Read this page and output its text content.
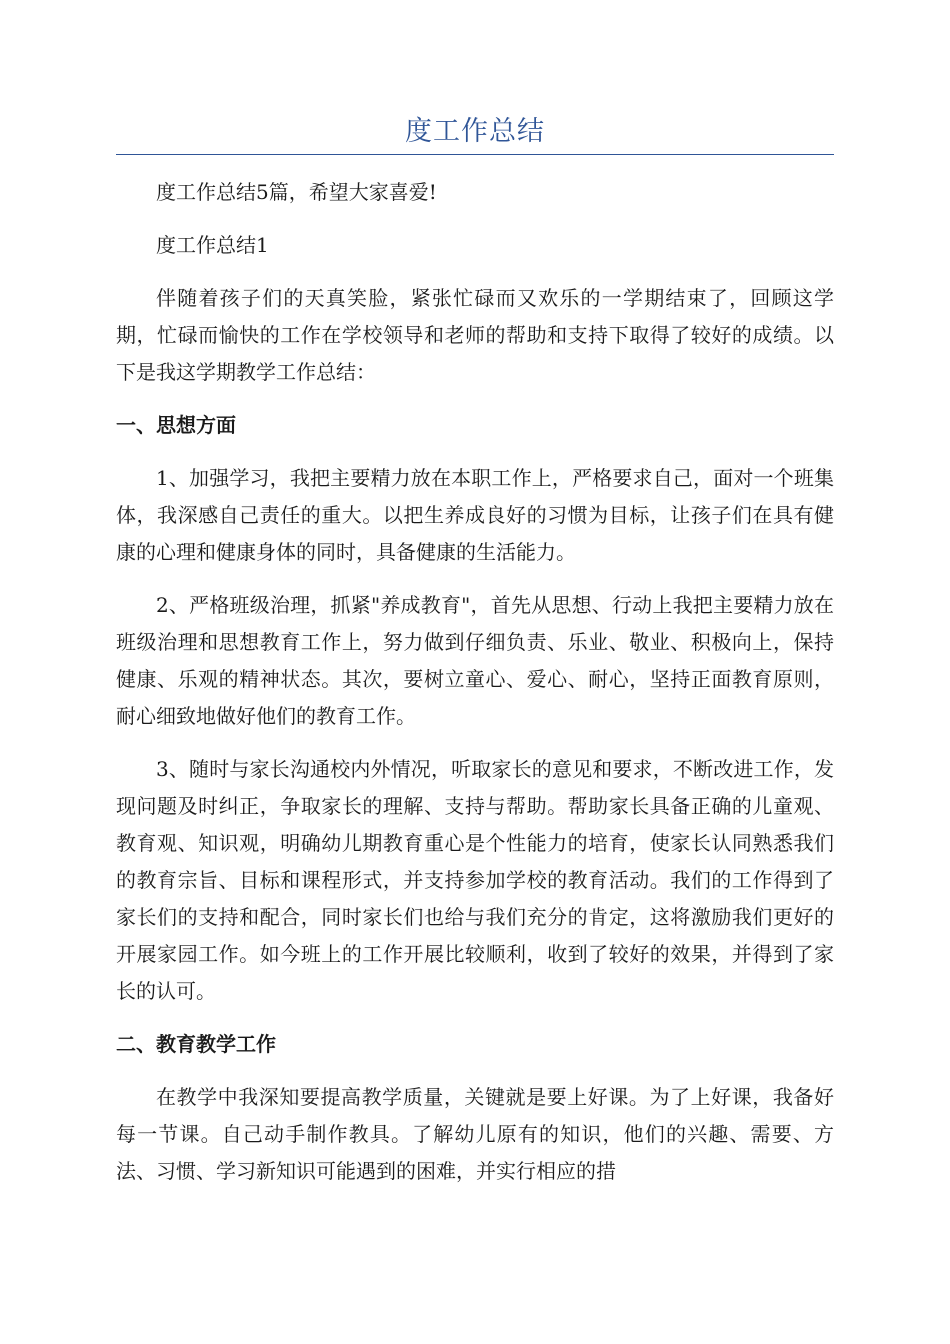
度工作总结

度工作总结5篇，希望大家喜爱!

度工作总结1

伴随着孩子们的天真笑脸，紧张忙碌而又欢乐的一学期结束了，回顾这学期，忙碌而愉快的工作在学校领导和老师的帮助和支持下取得了较好的成绩。以下是我这学期教学工作总结：

一、思想方面

1、加强学习，我把主要精力放在本职工作上，严格要求自己，面对一个班集体，我深感自己责任的重大。以把生养成良好的习惯为目标，让孩子们在具有健康的心理和健康身体的同时，具备健康的生活能力。

2、严格班级治理，抓紧"养成教育"，首先从思想、行动上我把主要精力放在班级治理和思想教育工作上，努力做到仔细负责、乐业、敬业、积极向上，保持健康、乐观的精神状态。其次，要树立童心、爱心、耐心，坚持正面教育原则，耐心细致地做好他们的教育工作。

3、随时与家长沟通校内外情况，听取家长的意见和要求，不断改进工作，发现问题及时纠正，争取家长的理解、支持与帮助。帮助家长具备正确的儿童观、教育观、知识观，明确幼儿期教育重心是个性能力的培育，使家长认同熟悉我们的教育宗旨、目标和课程形式，并支持参加学校的教育活动。我们的工作得到了家长们的支持和配合，同时家长们也给与我们充分的肯定，这将激励我们更好的开展家园工作。如今班上的工作开展比较顺利，收到了较好的效果，并得到了家长的认可。

二、教育教学工作

在教学中我深知要提高教学质量，关键就是要上好课。为了上好课，我备好每一节课。自己动手制作教具。了解幼儿原有的知识，他们的兴趣、需要、方法、习惯、学习新知识可能遇到的困难，并实行相应的措
